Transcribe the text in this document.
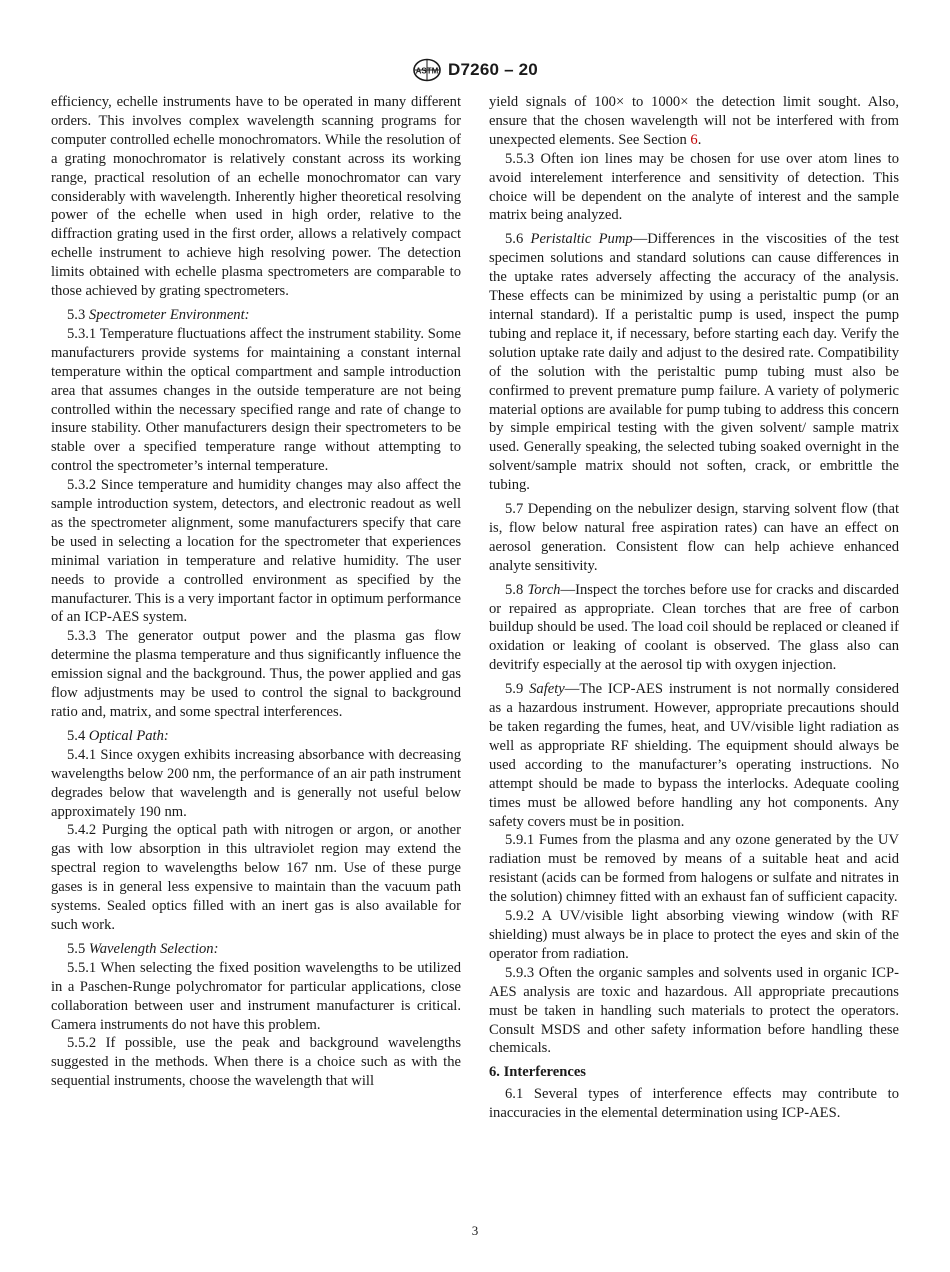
ASTM D7260 – 20

efficiency, echelle instruments have to be operated in many different orders. This involves complex wavelength scanning programs for computer controlled echelle monochromators. While the resolution of a grating monochromator is relatively constant across its working range, practical resolution of an echelle monochromator can vary considerably with wavelength. Inherently higher theoretical resolving power of the echelle when used in high order, relative to the diffraction grating used in the first order, allows a relatively compact echelle instrument to achieve high resolving power. The detection limits obtained with echelle plasma spectrometers are comparable to those achieved by grating spectrometers.

5.3 Spectrometer Environment:

5.3.1 Temperature fluctuations affect the instrument stability. Some manufacturers provide systems for maintaining a constant internal temperature within the optical compartment and sample introduction area that assumes changes in the outside temperature are not being controlled within the necessary specified range and rate of change to insure stability. Other manufacturers design their spectrometers to be stable over a specified temperature range without attempting to control the spectrometer’s internal temperature.

5.3.2 Since temperature and humidity changes may also affect the sample introduction system, detectors, and electronic readout as well as the spectrometer alignment, some manufacturers specify that care be used in selecting a location for the spectrometer that experiences minimal variation in temperature and relative humidity. The user needs to provide a controlled environment as specified by the manufacturer. This is a very important factor in optimum performance of an ICP-AES system.

5.3.3 The generator output power and the plasma gas flow determine the plasma temperature and thus significantly influence the emission signal and the background. Thus, the power applied and gas flow adjustments may be used to control the signal to background ratio and, matrix, and some spectral interferences.

5.4 Optical Path:

5.4.1 Since oxygen exhibits increasing absorbance with decreasing wavelengths below 200 nm, the performance of an air path instrument degrades below that wavelength and is generally not useful below approximately 190 nm.

5.4.2 Purging the optical path with nitrogen or argon, or another gas with low absorption in this ultraviolet region may extend the spectral region to wavelengths below 167 nm. Use of these purge gases is in general less expensive to maintain than the vacuum path systems. Sealed optics filled with an inert gas is also available for such work.

5.5 Wavelength Selection:

5.5.1 When selecting the fixed position wavelengths to be utilized in a Paschen-Runge polychromator for particular applications, close collaboration between user and instrument manufacturer is critical. Camera instruments do not have this problem.

5.5.2 If possible, use the peak and background wavelengths suggested in the methods. When there is a choice such as with the sequential instruments, choose the wavelength that will

yield signals of 100× to 1000× the detection limit sought. Also, ensure that the chosen wavelength will not be interfered with from unexpected elements. See Section 6.

5.5.3 Often ion lines may be chosen for use over atom lines to avoid interelement interference and sensitivity of detection. This choice will be dependent on the analyte of interest and the sample matrix being analyzed.

5.6 Peristaltic Pump—Differences in the viscosities of the test specimen solutions and standard solutions can cause differences in the uptake rates adversely affecting the accuracy of the analysis. These effects can be minimized by using a peristaltic pump (or an internal standard). If a peristaltic pump is used, inspect the pump tubing and replace it, if necessary, before starting each day. Verify the solution uptake rate daily and adjust to the desired rate. Compatibility of the solution with the peristaltic pump tubing must also be confirmed to prevent premature pump failure. A variety of polymeric material options are available for pump tubing to address this concern by simple empirical testing with the given solvent/ sample matrix used. Generally speaking, the selected tubing soaked overnight in the solvent/sample matrix should not soften, crack, or embrittle the tubing.

5.7 Depending on the nebulizer design, starving solvent flow (that is, flow below natural free aspiration rates) can have an effect on aerosol generation. Consistent flow can help achieve enhanced analyte sensitivity.

5.8 Torch—Inspect the torches before use for cracks and discarded or repaired as appropriate. Clean torches that are free of carbon buildup should be used. The load coil should be replaced or cleaned if oxidation or leaking of coolant is observed. The glass also can devitrify especially at the aerosol tip with oxygen injection.

5.9 Safety—The ICP-AES instrument is not normally considered as a hazardous instrument. However, appropriate precautions should be taken regarding the fumes, heat, and UV/visible light radiation as well as appropriate RF shielding. The equipment should always be used according to the manufacturer’s operating instructions. No attempt should be made to bypass the interlocks. Adequate cooling times must be allowed before handling any hot components. Any safety covers must be in position.

5.9.1 Fumes from the plasma and any ozone generated by the UV radiation must be removed by means of a suitable heat and acid resistant (acids can be formed from halogens or sulfate and nitrates in the solution) chimney fitted with an exhaust fan of sufficient capacity.

5.9.2 A UV/visible light absorbing viewing window (with RF shielding) must always be in place to protect the eyes and skin of the operator from radiation.

5.9.3 Often the organic samples and solvents used in organic ICP-AES analysis are toxic and hazardous. All appropriate precautions must be taken in handling such materials to protect the operators. Consult MSDS and other safety information before handling these chemicals.

6. Interferences

6.1 Several types of interference effects may contribute to inaccuracies in the elemental determination using ICP-AES.

3
